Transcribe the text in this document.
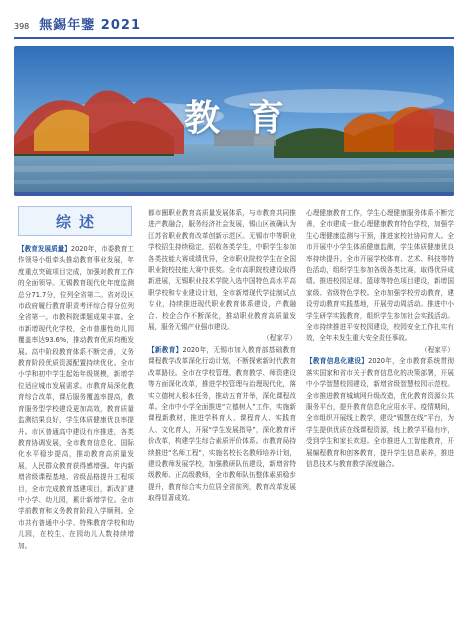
398 無錫年鑒 2021
教育
综述
【教育发展质量】2020年，市委教育工作领导小组牵头推动教育事业发展，年度重点突破项目完成，加强对教育工作的全面领导。无锡教育现代化年度监测总分71.7分，位列全省第二。省对设区市政府履行教育职责考评综合得分位列全省第一。市教科院课题成果丰富。全市新增现代化学校，全市普惠性幼儿园覆盖率达93.6%，推动教育优质均衡发展。高中阶段教育体系不断完善，义务教育阶段优质资源配置持续优化。全市小学和初中学生起始年级规模，新增学位适应城市发展需求。市教育局深化教育综合改革，课后服务覆盖率提高，教育服务型学校建设更加高效，教育质量监测结果良好，学生体质健康优良率提升。市区普通高中建设有序推进，各类教育协调发展，全市教育信息化、国际化水平稳步提高，推动教育高质量发展，人民群众教育获得感增强。年内新增省级课程基地、省级品格提升工程项目，全市完成教育基建项目，新改扩建中小学、幼儿园，累计新增学位。全市学前教育和义务教育阶段入学顺利。全市共有普通中小学、特殊教育学校和幼儿园，在校生、在园幼儿人数持续增加。
都市圈职业教育高质量发展体系，与市教育共同推进产教融合，服务经济社会发展，锡山区被确认为江苏省职业教育改革创新示范区。无锡市中等职业学校招生持续稳定，招收各类学生，中职学生参加各类技能大赛成绩优异，全市职业院校学生在全国职业院校技能大赛中获奖。全市高职院校建设取得新进展，无锡职业技术学院入选中国特色高水平高职学校和专业建设计划，全市新增现代学徒制试点专业，持续推进现代职业教育体系建设，产教融合、校企合作不断深化，推动职业教育高质量发展，服务无锡产业强市建设。
（程家平）
【新教育】2020年，无锡市加入教育部基础教育课程教学改革深化行动计划，不断探索新时代教育改革路径。全市在学校管理、教育教学、师资建设等方面深化改革，推进学校管理与治理现代化，落实立德树人根本任务，推动五育并举，深化课程改革。全市中小学全面推进“立德树人”工作，实施新课程新教材，推进学科育人、课程育人、实践育人、文化育人，开展“学生发展指导”，深化教育评价改革，构建学生综合素质评价体系。市教育局持续推进“名师工程”，实施名校长名教师培养计划，建设教师发展学校，加强教研队伍建设，新增省特级教师、正高级教师，全市教师队伍整体素质稳步提升，教育综合实力位居全省前列，教育改革发展取得显著成效。
心理健康教育工作，学生心理健康服务体系不断完善，全市建成一批心理健康教育特色学校，加强学生心理健康监测与干预，推进家校社协同育人。全市开展中小学生体质健康监测，学生体质健康优良率持续提升。全市开展学校体育、艺术、科技等特色活动，组织学生参加各级各类比赛，取得优异成绩。推进校园足球、篮球等特色项目建设，新增国家级、省级特色学校。全市加强学校劳动教育，建设劳动教育实践基地，开展劳动周活动。推进中小学生研学实践教育，组织学生参加社会实践活动。全市持续推进平安校园建设，校园安全工作扎实有效，全年未发生重大安全责任事故。
（程家平）
【教育信息化建设】2020年，全市教育系统贯彻落实国家和省市关于教育信息化的决策部署，开展中小学智慧校园建设，新增省级智慧校园示范校。全市推进教育城域网升级改造，优化教育资源公共服务平台，提升教育信息化应用水平。疫情期间，全市组织开展线上教学，建设“锡慧在线”平台，为学生提供优质在线课程资源，线上教学平稳有序，受到学生和家长欢迎。全市推进人工智能教育，开展编程教育和创客教育，提升学生信息素养，推进信息技术与教育教学深度融合。
